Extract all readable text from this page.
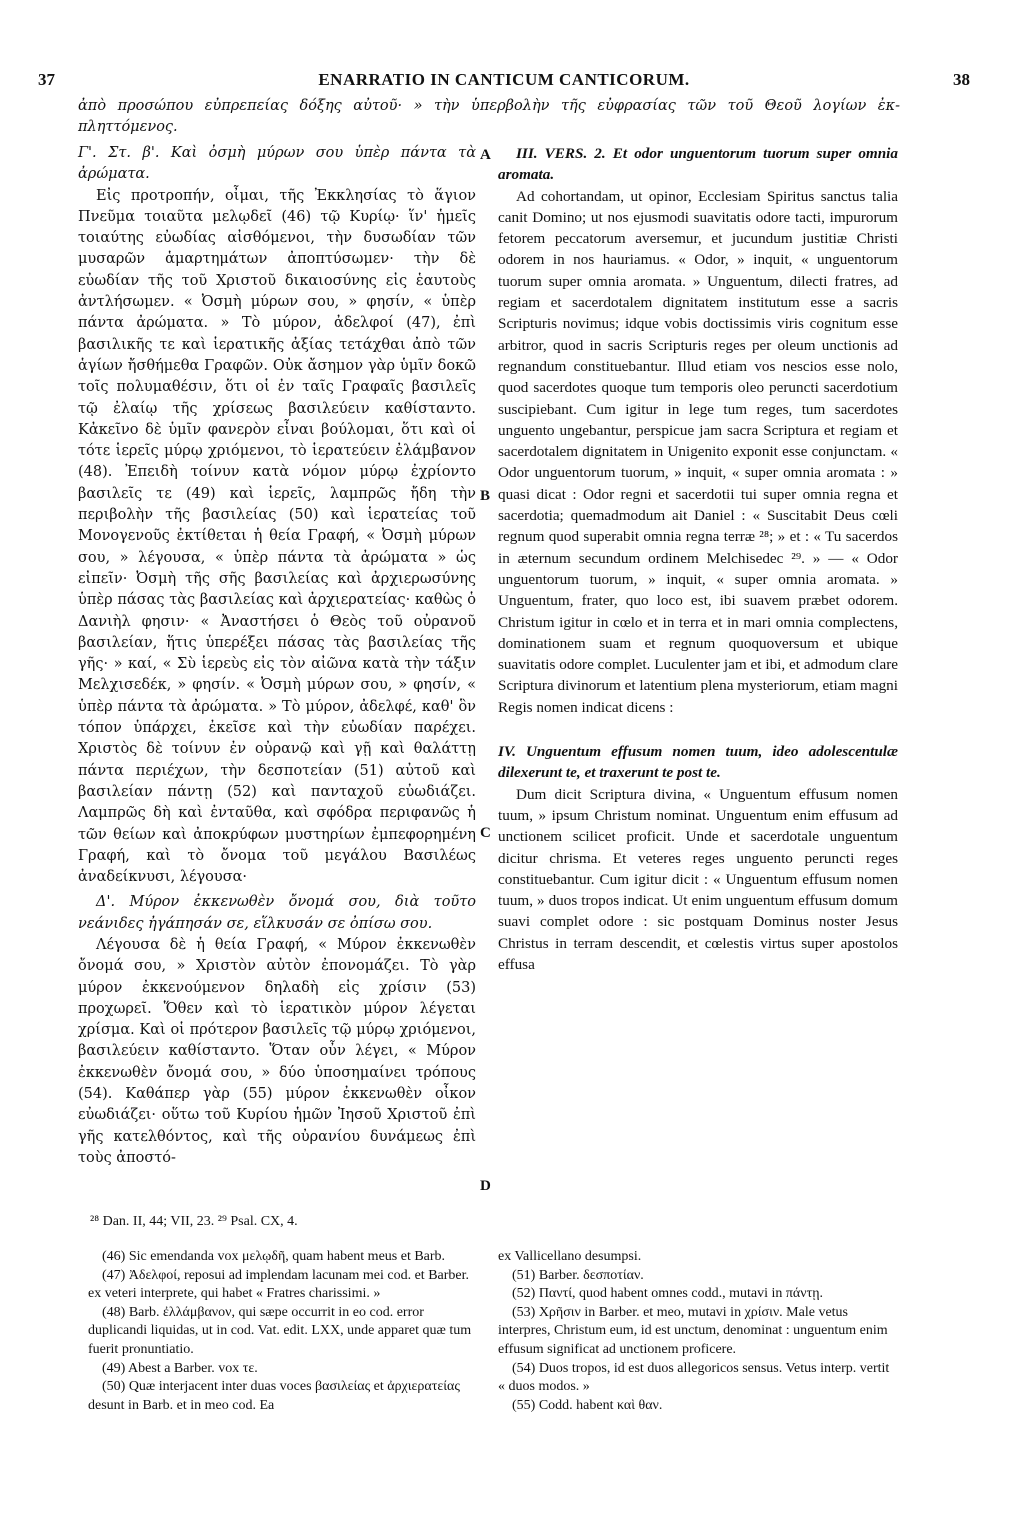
37	ENARRATIO IN CANTICUM CANTICORUM.	38
ἀπὸ προσώπου εὐπρεπείας δόξης αὐτοῦ· » τὴν ὑπερβολὴν τῆς εὐφρασίας τῶν τοῦ Θεοῦ λογίων ἐκ-πληττόμενος.

Γ'. Στ. β'. Καὶ ὀσμὴ μύρων σου ὑπὲρ πάντα τὰ ἀρώματα.

Εἰς προτροπήν, οἶμαι, τῆς Ἐκκλησίας τὸ ἅγιον Πνεῦμα τοιαῦτα μελῳδεῖ (46) τῷ Κυρίῳ· ἵν' ἡμεῖς τοιαύτης εὐωδίας αἰσθόμενοι, τὴν δυσωδίαν τῶν μυσαρῶν ἁμαρτημάτων ἀποπτύσωμεν· τὴν δὲ εὐωδίαν τῆς τοῦ Χριστοῦ δικαιοσύνης εἰς ἑαυτοὺς ἀντλήσωμεν. « Ὀσμὴ μύρων σου, » φησίν, « ὑπὲρ πάντα ἀρώματα. » Τὸ μύρον, ἀδελφοί (47), ἐπὶ βασιλικῆς τε καὶ ἱερατικῆς ἀξίας τετάχθαι ἀπὸ τῶν ἁγίων ἤσθήμεθα Γραφῶν. Οὐκ ἄσημον γὰρ ὑμῖν δοκῶ τοῖς πολυμαθέσιν, ὅτι οἱ ἐν ταῖς Γραφαῖς βασιλεῖς τῷ ἐλαίῳ τῆς χρίσεως βασιλεύειν καθίσταντο. Κἀκεῖνο δὲ ὑμῖν φανερὸν εἶναι βούλομαι, ὅτι καὶ οἱ τότε ἱερεῖς μύρῳ χριόμενοι, τὸ ἱερατεύειν ἐλάμβανον (48). Ἐπειδὴ τοίνυν κατὰ νόμον μύρῳ ἐχρίοντο βασιλεῖς τε (49) καὶ ἱερεῖς, λαμπρῶς ἤδη τὴν περιβολὴν τῆς βασιλείας (50) καὶ ἱερατείας τοῦ Μονογενοῦς ἐκτίθεται ἡ θεία Γραφή, « Ὀσμὴ μύρων σου, » λέγουσα, « ὑπὲρ πάντα τὰ ἀρώματα » ὡς εἰπεῖν· Ὀσμὴ τῆς σῆς βασιλείας καὶ ἀρχιερωσύνης ὑπὲρ πάσας τὰς βασιλείας καὶ ἀρχιερατείας· καθὼς ὁ Δανιὴλ φησιν· « Ἀναστήσει ὁ Θεὸς τοῦ οὐρανοῦ βασιλείαν, ἥτις ὑπερέξει πάσας τὰς βασιλείας τῆς γῆς· » καί, « Σὺ ἱερεὺς εἰς τὸν αἰῶνα κατὰ τὴν τάξιν Μελχισεδέκ, » φησίν. « Ὀσμὴ μύρων σου, » φησίν, « ὑπὲρ πάντα τὰ ἀρώματα. » Τὸ μύρον, ἀδελφέ, καθ' ὃν τόπον ὑπάρχει, ἐκεῖσε καὶ τὴν εὐωδίαν παρέχει. Χριστὸς δὲ τοίνυν ἐν οὐρανῷ καὶ γῇ καὶ θαλάττῃ πάντα περιέχων, τὴν δεσποτείαν (51) αὐτοῦ καὶ βασιλείαν πάντῃ (52) καὶ πανταχοῦ εὐωδιάζει. Λαμπρῶς δὴ καὶ ἐνταῦθα, καὶ σφόδρα περιφανῶς ἡ τῶν θείων καὶ ἀποκρύφων μυστηρίων ἐμπεφορημένη Γραφή, καὶ τὸ ὄνομα τοῦ μεγάλου Βασιλέως ἀναδείκνυσι, λέγουσα·

Δ'. Μύρον ἐκκενωθὲν ὄνομά σου, διὰ τοῦτο νεάνιδες ἠγάπησάν σε, εἵλκυσάν σε ὀπίσω σου.

Λέγουσα δὲ ἡ θεία Γραφή, « Μύρον ἐκκενωθὲν ὄνομά σου, » Χριστὸν αὐτὸν ἐπονομάζει. Τὸ γὰρ μύρον ἐκκενούμενον δηλαδὴ εἰς χρίσιν (53) προχωρεῖ. Ὅθεν καὶ τὸ ἱερατικὸν μύρον λέγεται χρίσμα. Καὶ οἱ πρότερον βασιλεῖς τῷ μύρῳ χριόμενοι, βασιλεύειν καθίσταντο. Ὅταν οὖν λέγει, « Μύρον ἐκκενωθὲν ὄνομά σου, » δύο ὑποσημαίνει τρόπους (54). Καθάπερ γὰρ (55) μύρον ἐκκενωθὲν οἶκον εὐωδιάζει· οὕτω τοῦ Κυρίου ἡμῶν Ἰησοῦ Χριστοῦ ἐπὶ γῆς κατελθόντος, καὶ τῆς οὐρανίου δυνάμεως ἐπὶ τοὺς ἀποστό-

A
B
C
D

III. VERS. 2. Et odor unguentorum tuorum super omnia aromata.

Ad cohortandam, ut opinor, Ecclesiam Spiritus sanctus talia canit Domino; ut nos ejusmodi suavitatis odore tacti, impurorum fetorem peccatorum aversemur, et jucundum justitiæ Christi odorem in nos hauriamus. « Odor, » inquit, « unguentorum tuorum super omnia aromata. » Unguentum, dilecti fratres, ad regiam et sacerdotalem dignitatem institutum esse a sacris Scripturis novimus; idque vobis doctissimis viris cognitum esse arbitror, quod in sacris Scripturis reges per oleum unctionis ad regnandum constituebantur. Illud etiam vos nescios esse nolo, quod sacerdotes quoque tum temporis oleo peruncti sacerdotium suscipiebant. Cum igitur in lege tum reges, tum sacerdotes unguento ungebantur, perspicue jam sacra Scriptura et regiam et sacerdotalem dignitatem in Unigenito exponit esse conjunctam. « Odor unguentorum tuorum, » inquit, « super omnia aromata : » quasi dicat : Odor regni et sacerdotii tui super omnia regna et sacerdotia; quemadmodum ait Daniel : « Suscitabit Deus cœli regnum quod superabit omnia regna terræ ²⁸; » et : « Tu sacerdos in æternum secundum ordinem Melchisedec ²⁹. » — « Odor unguentorum tuorum, » inquit, « super omnia aromata. » Unguentum, frater, quo loco est, ibi suavem præbet odorem. Christum igitur in cœlo et in terra et in mari omnia complectens, dominationem suam et regnum quoquoversum et ubique suavitatis odore complet. Luculenter jam et ibi, et admodum clare Scriptura divinorum et latentium plena mysteriorum, etiam magni Regis nomen indicat dicens :

IV. Unguentum effusum nomen tuum, ideo adolescentulæ dilexerunt te, et traxerunt te post te.

Dum dicit Scriptura divina, « Unguentum effusum nomen tuum, » ipsum Christum nominat. Unguentum enim effusum ad unctionem scilicet proficit. Unde et sacerdotale unguentum dicitur chrisma. Et veteres reges unguento peruncti reges constituebantur. Cum igitur dicit : « Unguentum effusum nomen tuum, » duos tropos indicat. Ut enim unguentum effusum domum suavi complet odore : sic postquam Dominus noster Jesus Christus in terram descendit, et cœlestis virtus super apostolos effusa

²⁸ Dan. II, 44; VII, 23. ²⁹ Psal. CX, 4.

(46) Sic emendanda vox μελῳδῆ, quam habent meus et Barb.

(47) Ἀδελφοί, reposui ad implendam lacunam mei cod. et Barber. ex veteri interprete, qui habet « Fratres charissimi. »

(48) Barb. ἐλλάμβανον, qui sæpe occurrit in eo cod. error duplicandi liquidas, ut in cod. Vat. edit. LXX, unde apparet quæ tum fuerit pronuntiatio.

(49) Abest a Barber. vox τε.

(50) Quæ interjacent inter duas voces βασιλείας et ἀρχιερατείας desunt in Barb. et in meo cod. Ea

ex Vallicellano desumpsi.

(51) Barber. δεσποτίαν.

(52) Παντί, quod habent omnes codd., mutavi in πάντῃ.

(53) Χρῆσιν in Barber. et meo, mutavi in χρίσιν. Male vetus interpres, Christum eum, id est unctum, denominat : unguentum enim effusum significat ad unctionem proficere.

(54) Duos tropos, id est duos allegoricos sensus. Vetus interp. vertit « duos modos. »

(55) Codd. habent καὶ θαν.
